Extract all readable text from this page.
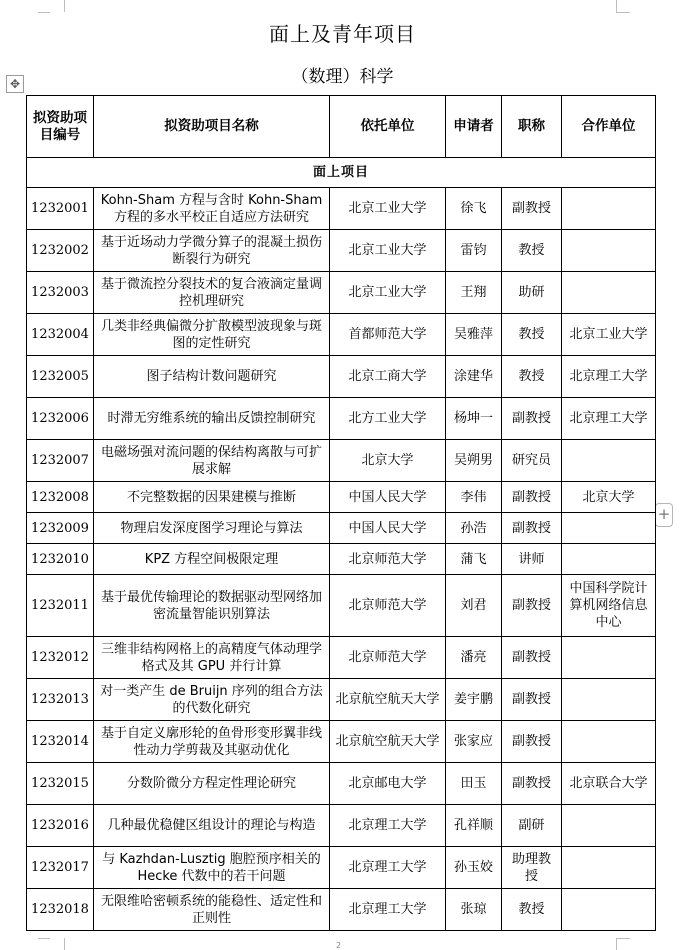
✥
+
面上及青年项目
（数理）科学
拟资助项目编号	拟资助项目名称	依托单位	申请者	职称	合作单位
面上项目					
1232001	Kohn-Sham 方程与含时 Kohn-Sham 方程的多水平校正自适应方法研究	北京工业大学	徐飞	副教授	
1232002	基于近场动力学微分算子的混凝土损伤断裂行为研究	北京工业大学	雷钧	教授	
1232003	基于微流控分裂技术的复合液滴定量调控机理研究	北京工业大学	王翔	助研	
1232004	几类非经典偏微分扩散模型波现象与斑图的定性研究	首都师范大学	吴雅萍	教授	北京工业大学
1232005	图子结构计数问题研究	北京工商大学	涂建华	教授	北京理工大学
1232006	时滞无穷维系统的输出反馈控制研究	北方工业大学	杨坤一	副教授	北京理工大学
1232007	电磁场强对流问题的保结构离散与可扩展求解	北京大学	吴朔男	研究员	
1232008	不完整数据的因果建模与推断	中国人民大学	李伟	副教授	北京大学
1232009	物理启发深度图学习理论与算法	中国人民大学	孙浩	副教授	
1232010	KPZ 方程空间极限定理	北京师范大学	蒲飞	讲师	
1232011	基于最优传输理论的数据驱动型网络加密流量智能识别算法	北京师范大学	刘君	副教授	中国科学院计算机网络信息中心
1232012	三维非结构网格上的高精度气体动理学格式及其 GPU 并行计算	北京师范大学	潘亮	副教授	
1232013	对一类产生 de Bruijn 序列的组合方法的代数化研究	北京航空航天大学	姜宇鹏	副教授	
1232014	基于自定义廓形轮的鱼骨形变形翼非线性动力学剪裁及其驱动优化	北京航空航天大学	张家应	副教授	
1232015	分数阶微分方程定性理论研究	北京邮电大学	田玉	副教授	北京联合大学
1232016	几种最优稳健区组设计的理论与构造	北京理工大学	孔祥顺	副研	
1232017	与 Kazhdan-Lusztig 胞腔预序相关的 Hecke 代数中的若干问题	北京理工大学	孙玉姣	助理教授	
1232018	无限维哈密顿系统的能稳性、适定性和正则性	北京理工大学	张琼	教授	
2
